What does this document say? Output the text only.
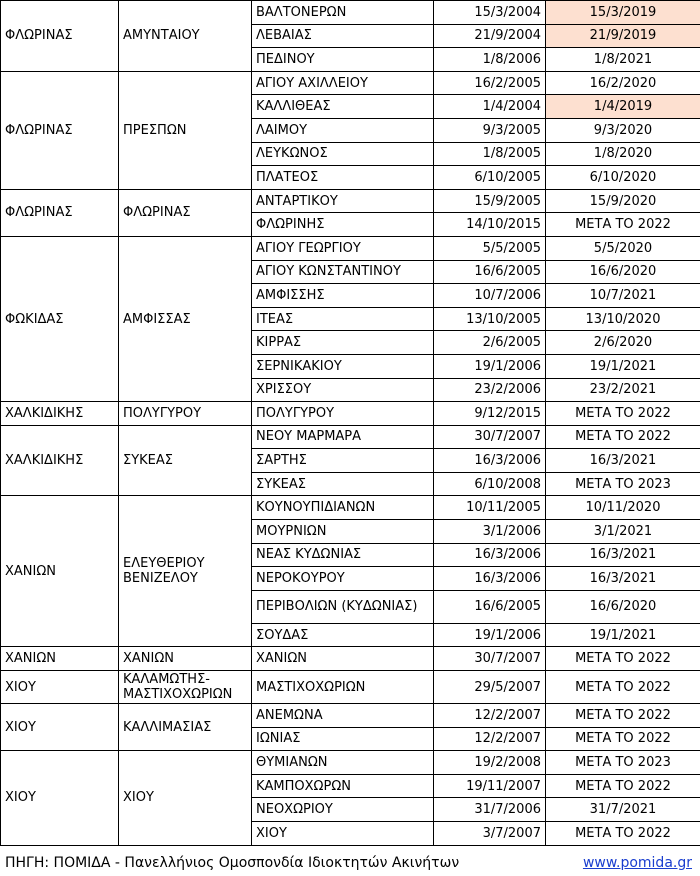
ΦΛΩΡΙΝΑΣ	ΑΜΥΝΤΑΙΟΥ	ΒΑΛΤΟΝΕΡΩΝ	15/3/2004	15/3/2019
		ΛΕΒΑΙΑΣ	21/9/2004	21/9/2019
		ΠΕΔΙΝΟΥ	1/8/2006	1/8/2021
ΦΛΩΡΙΝΑΣ	ΠΡΕΣΠΩΝ	ΑΓΙΟΥ ΑΧΙΛΛΕΙΟΥ	16/2/2005	16/2/2020
		ΚΑΛΛΙΘΕΑΣ	1/4/2004	1/4/2019
		ΛΑΙΜΟΥ	9/3/2005	9/3/2020
		ΛΕΥΚΩΝΟΣ	1/8/2005	1/8/2020
		ΠΛΑΤΕΟΣ	6/10/2005	6/10/2020
ΦΛΩΡΙΝΑΣ	ΦΛΩΡΙΝΑΣ	ΑΝΤΑΡΤΙΚΟΥ	15/9/2005	15/9/2020
		ΦΛΩΡΙΝΗΣ	14/10/2015	ΜΕΤΑ ΤΟ 2022
ΦΩΚΙΔΑΣ	ΑΜΦΙΣΣΑΣ	ΑΓΙΟΥ ΓΕΩΡΓΙΟΥ	5/5/2005	5/5/2020
		ΑΓΙΟΥ ΚΩΝΣΤΑΝΤΙΝΟΥ	16/6/2005	16/6/2020
		ΑΜΦΙΣΣΗΣ	10/7/2006	10/7/2021
		ΙΤΕΑΣ	13/10/2005	13/10/2020
		ΚΙΡΡΑΣ	2/6/2005	2/6/2020
		ΣΕΡΝΙΚΑΚΙΟΥ	19/1/2006	19/1/2021
		ΧΡΙΣΣΟΥ	23/2/2006	23/2/2021
ΧΑΛΚΙΔΙΚΗΣ	ΠΟΛΥΓΥΡΟΥ	ΠΟΛΥΓΥΡΟΥ	9/12/2015	ΜΕΤΑ ΤΟ 2022
ΧΑΛΚΙΔΙΚΗΣ	ΣΥΚΕΑΣ	ΝΕΟΥ ΜΑΡΜΑΡΑ	30/7/2007	ΜΕΤΑ ΤΟ 2022
		ΣΑΡΤΗΣ	16/3/2006	16/3/2021
		ΣΥΚΕΑΣ	6/10/2008	ΜΕΤΑ ΤΟ 2023
ΧΑΝΙΩΝ	ΕΛΕΥΘΕΡΙΟΥ ΒΕΝΙΖΕΛΟΥ	ΚΟΥΝΟΥΠΙΔΙΑΝΩΝ	10/11/2005	10/11/2020
		ΜΟΥΡΝΙΩΝ	3/1/2006	3/1/2021
		ΝΕΑΣ ΚΥΔΩΝΙΑΣ	16/3/2006	16/3/2021
		ΝΕΡΟΚΟΥΡΟΥ	16/3/2006	16/3/2021
		ΠΕΡΙΒΟΛΙΩΝ (ΚΥΔΩΝΙΑΣ)	16/6/2005	16/6/2020
		ΣΟΥΔΑΣ	19/1/2006	19/1/2021
ΧΑΝΙΩΝ	ΧΑΝΙΩΝ	ΧΑΝΙΩΝ	30/7/2007	ΜΕΤΑ ΤΟ 2022
ΧΙΟΥ	ΚΑΛΑΜΩΤΗΣ-ΜΑΣΤΙΧΟΧΩΡΙΩΝ	ΜΑΣΤΙΧΟΧΩΡΙΩΝ	29/5/2007	ΜΕΤΑ ΤΟ 2022
ΧΙΟΥ	ΚΑΛΛΙΜΑΣΙΑΣ	ΑΝΕΜΩΝΑ	12/2/2007	ΜΕΤΑ ΤΟ 2022
		ΙΩΝΙΑΣ	12/2/2007	ΜΕΤΑ ΤΟ 2022
ΧΙΟΥ	ΧΙΟΥ	ΘΥΜΙΑΝΩΝ	19/2/2008	ΜΕΤΑ ΤΟ 2023
		ΚΑΜΠΟΧΩΡΩΝ	19/11/2007	ΜΕΤΑ ΤΟ 2022
		ΝΕΟΧΩΡΙΟΥ	31/7/2006	31/7/2021
		ΧΙΟΥ	3/7/2007	ΜΕΤΑ ΤΟ 2022
ΠΗΓΗ: ΠΟΜΙΔΑ - Πανελλήνιος Ομοσπονδία Ιδιοκτητών Ακινήτων	www.pomida.gr
